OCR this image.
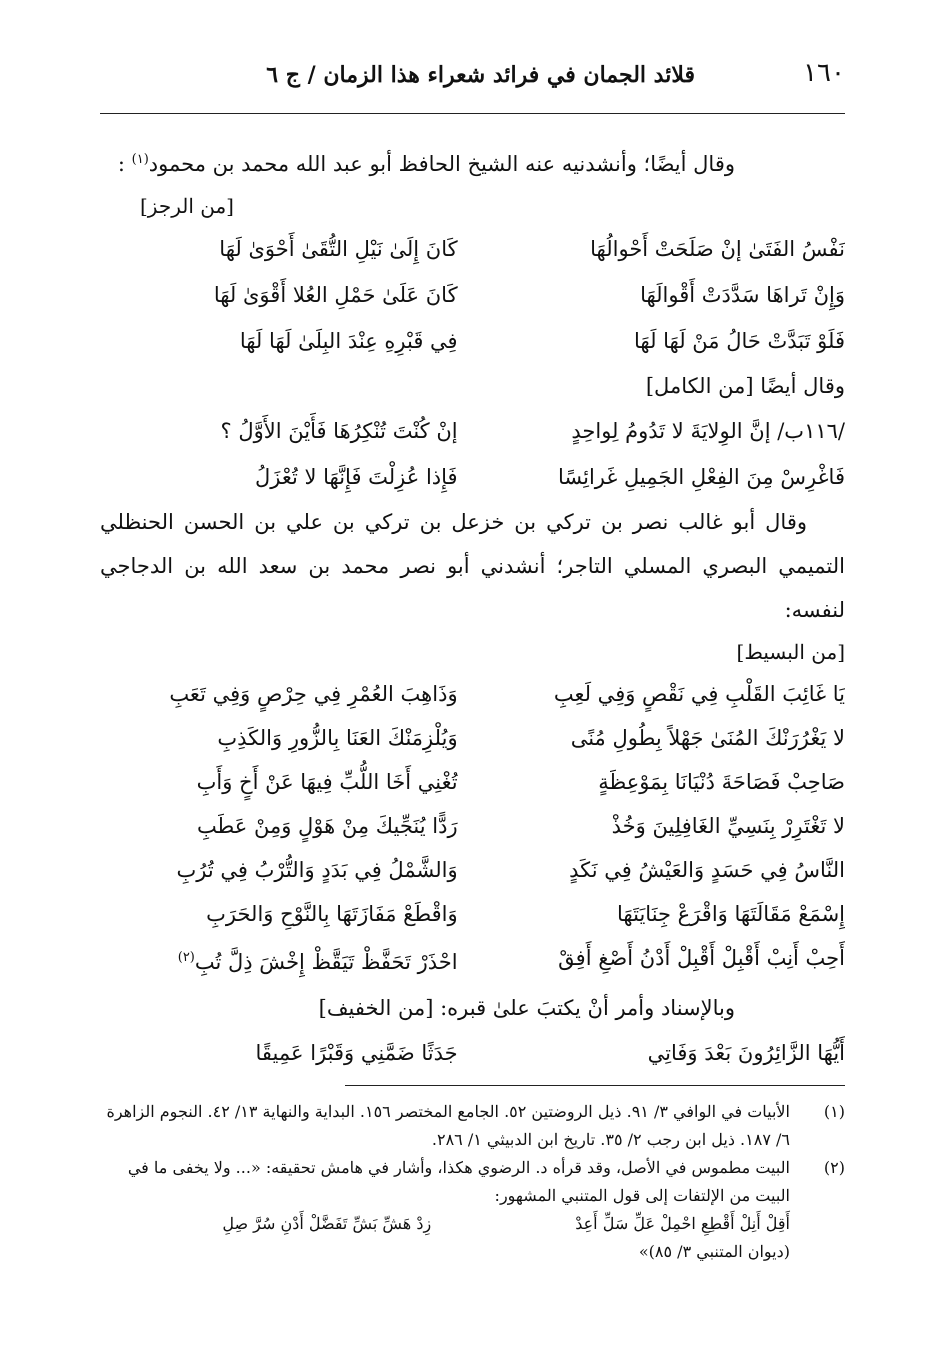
١٦٠
قلائد الجمان في فرائد شعراء هذا الزمان / ج ٦

وقال أيضًا؛ وأنشدنيه عنه الشيخ الحافظ أبو عبد الله محمد بن محمود$^{(١)}$ :

[من الرجز]
نَفْسُ الفَتَىٰ إنْ صَلَحَتْ أَحْوالُهَا
كَانَ إِلَىٰ نَيْلِ التُّقَىٰ أَحْوَىٰ لَهَا
وَإِنْ تَراهَا سَدَّدَتْ أَقْوالَهَا
كَانَ عَلَىٰ حَمْلِ العُلا أَقْوَىٰ لَهَا
فَلَوْ تَبَدَّتْ حَالُ مَنْ لَهَا لَهَا
فِي قَبْرِهِ عِنْدَ البِلَىٰ لَهَا لَهَا

وقال أيضًا [من الكامل]

/١١٦ب/ إنَّ الوِلايَةَ لا تَدُومُ لِواحِدٍ
إنْ كُنْتَ تُنْكِرُهَا فَأَيْنَ الأَوَّلُ ؟
فَاغْرِسْ مِنَ الفِعْلِ الجَمِيلِ غَرائِسًا
فَإِذا عُزِلْتَ فَإِنَّهَا لا تُعْزَلُ

وقال أبو غالب نصر بن تركي بن خزعل بن تركي بن علي بن الحسن الحنظلي التميمي البصري المسلي التاجر؛ أنشدني أبو نصر محمد بن سعد الله بن الدجاجي لنفسه:

[من البسيط]
يَا غَائِبَ القَلْبِ فِي نَقْصٍ وَفِي لَعِبِ
وَذَاهِبَ العُمْرِ فِي حِرْصٍ وَفِي تَعَبِ
لا يَغْرُرَنْكَ المُنَىٰ جَهْلاً بِطُولِ مُنًى
وَيُلْزِمَنْكَ العَنَا بِالزُّورِ وَالكَذِبِ
صَاحِبْ فَصَاحَةَ دُنْيَانَا بِمَوْعِظَةٍ
تُغْنِي أَخَا اللُّبِّ فِيهَا عَنْ أَخٍ وَأَبِ
لا تَغْتَرِرْ بِنَسِيِّ الغَافِلِينَ وَخُذْ
رَدًّا يُنَجِّيكَ مِنْ هَوْلٍ وَمِنْ عَطَبِ
النَّاسُ فِي حَسَدٍ وَالعَيْشُ فِي نَكَدٍ
وَالشَّمْلُ فِي بَدَدٍ وَالتُّرْبُ فِي تُرُبِ
إِسْمَعْ مَقَالَتَهَا وَاقْرَعْ جِنَايَتَهَا
وَاقْطَعْ مَفَازَتَهَا بِالنَّوْحِ وَالحَرَبِ
أَحِبْ أَنِبْ أَقْبِلْ أَقْبِلْ أَدْنُ أَصْغِ أَفِقْ
احْذَرْ تَحَفَّظْ تَيَقَّظْ إِخْشَ ذِلَّ تُبِ$^{(٢)}$

وبالإسناد وأمر أنْ يكتبَ علىٰ قبره: [من الخفيف]

أَيُّهَا الزَّائِرُونَ بَعْدَ وَفَاتِي
جَدَثًا ضَمَّنِي وَقَبْرًا عَمِيقًا
(١)
الأبيات في الوافي ٣/ ٩١. ذيل الروضتين ٥٢. الجامع المختصر ١٥٦. البداية والنهاية ١٣/ ٤٢. النجوم الزاهرة ٦/ ١٨٧. ذيل ابن رجب ٢/ ٣٥. تاريخ ابن الدبيثي ١/ ٢٨٦.
(٢)
البيت مطموس في الأصل، وقد قرأه د. الرضوي هكذا، وأشار في هامش تحقيقه: «... ولا يخفى ما في البيت من الإلتفات إلى قول المتنبي المشهور:
أَقِلْ أَنِلْ أَقْطِعِ احْمِلْ عَلِّ سَلِّ أَعِدْ
زِدْ هَشِّ بَشِّ تَفَضَّلْ أَدْنِ سُرَّ صِلِ
(ديوان المتنبي ٣/ ٨٥)»
